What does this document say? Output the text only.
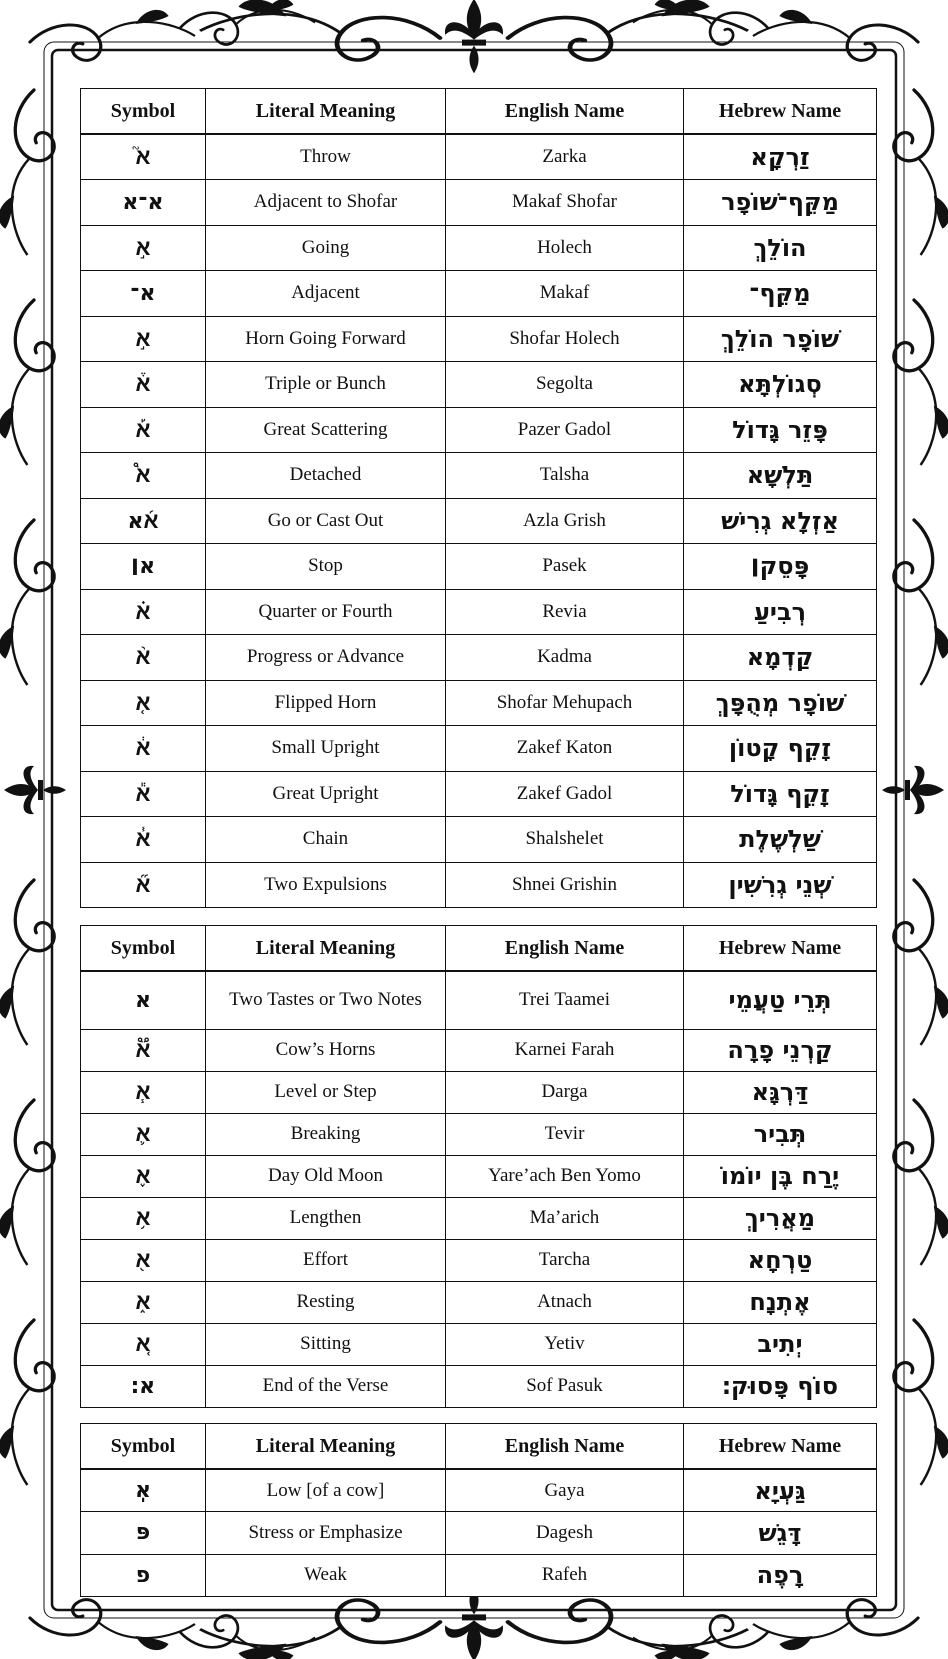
Symbol	Literal Meaning	English Name	Hebrew Name
א֮	Throw	Zarka	זַרְקָא
א־א	Adjacent to Shofar	Makaf Shofar	מַקֵּף־שׁוֹפָר
א֣	Going	Holech	הוֹלֵךְ
א־	Adjacent	Makaf	מַקֵּף־
א֣	Horn Going Forward	Shofar Holech	שׁוֹפָר הוֹלֵךְ
א֒	Triple or Bunch	Segolta	סְגוֹלְתָּא
א֡	Great Scattering	Pazer Gadol	פָּזֵר גָּדוֹל
א֩	Detached	Talsha	תַּלְשָׁא
א֜א	Go or Cast Out	Azla Grish	אַזְלָא גְרִישׁ
א׀	Stop	Pasek	פָּסֵק׀
א֗	Quarter or Fourth	Revia	רְבִיעַ
א֨	Progress or Advance	Kadma	קַדְמָא
א֤	Flipped Horn	Shofar Mehupach	שׁוֹפָר מְהֻפָּךְ
א֔	Small Upright	Zakef Katon	זָקֵף קָטוֹן
א֕	Great Upright	Zakef Gadol	זָקֵף גָּדוֹל
א֓	Chain	Shalshelet	שַׁלְשֶׁלֶת
א֞	Two Expulsions	Shnei Grishin	שְׁנֵי גְרִשִׁין
Symbol	Literal Meaning	English Name	Hebrew Name
א	Two Tastes or Two Notes	Trei Taamei	תְּרֵי טַעֲמֵי
א֟	Cow’s Horns	Karnei Farah	קַרְנֵי פָרָה
א֧	Level or Step	Darga	דַּרְגָּא
א֛	Breaking	Tevir	תְּבִיר
א֪	Day Old Moon	Yare’ach Ben Yomo	יֶרַח בֶּן יוֹמוֹ
א֥	Lengthen	Ma’arich	מַאֲרִיךְ
א֖	Effort	Tarcha	טַרְחָא
א֑	Resting	Atnach	אֶתְנָח
א֚	Sitting	Yetiv	יְתִיב
א׃	End of the Verse	Sof Pasuk	סוֹף פָּסוּק׃
Symbol	Literal Meaning	English Name	Hebrew Name
אֽ	Low [of a cow]	Gaya	גַּעְיָא
פּ	Stress or Emphasize	Dagesh	דָּגֵשׁ
פ	Weak	Rafeh	רָפֶה
